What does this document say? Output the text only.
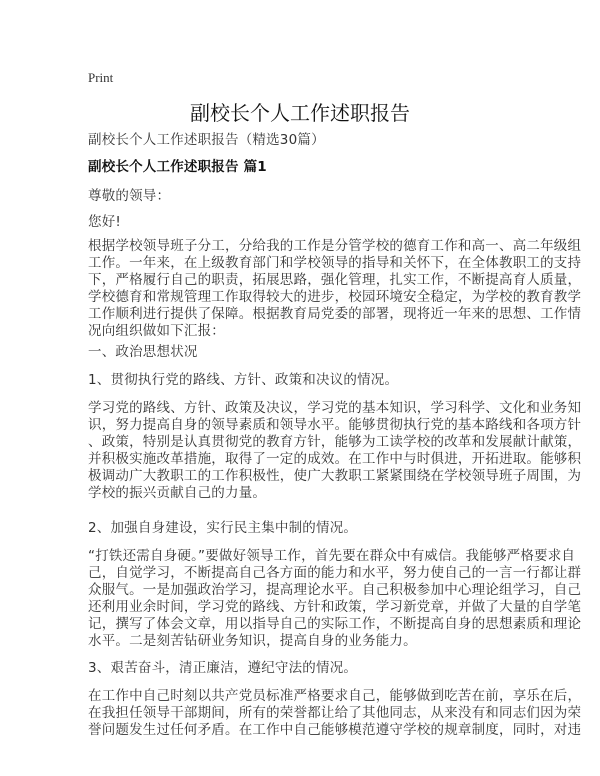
Print
副校长个人工作述职报告
副校长个人工作述职报告（精选30篇）
副校长个人工作述职报告 篇1
尊敬的领导：
您好!
根据学校领导班子分工，分给我的工作是分管学校的德育工作和高一、高二年级组
工作。一年来，在上级教育部门和学校领导的指导和关怀下，在全体教职工的支持
下，严格履行自己的职责，拓展思路，强化管理，扎实工作，不断提高育人质量，
学校德育和常规管理工作取得较大的进步，校园环境安全稳定，为学校的教育教学
工作顺利进行提供了保障。根据教育局党委的部署，现将近一年来的思想、工作情
况向组织做如下汇报：
一、政治思想状况
1、贯彻执行党的路线、方针、政策和决议的情况。
学习党的路线、方针、政策及决议，学习党的基本知识，学习科学、文化和业务知
识，努力提高自身的领导素质和领导水平。能够贯彻执行党的基本路线和各项方针
、政策，特别是认真贯彻党的教育方针，能够为工读学校的改革和发展献计献策，
并积极实施改革措施，取得了一定的成效。在工作中与时俱进，开拓进取。能够积
极调动广大教职工的工作积极性，使广大教职工紧紧围绕在学校领导班子周围，为
学校的振兴贡献自己的力量。
2、加强自身建设，实行民主集中制的情况。
“打铁还需自身硬。”要做好领导工作，首先要在群众中有威信。我能够严格要求自
己，自觉学习，不断提高自己各方面的能力和水平，努力使自己的一言一行都让群
众服气。一是加强政治学习，提高理论水平。自己积极参加中心理论组学习，自己
还利用业余时间，学习党的路线、方针和政策，学习新党章，并做了大量的自学笔
记，撰写了体会文章，用以指导自己的实际工作，不断提高自身的思想素质和理论
水平。二是刻苦钻研业务知识，提高自身的业务能力。
3、艰苦奋斗，清正廉洁，遵纪守法的情况。
在工作中自己时刻以共产党员标准严格要求自己，能够做到吃苦在前，享乐在后，
在我担任领导干部期间，所有的荣誉都让给了其他同志，从来没有和同志们因为荣
誉问题发生过任何矛盾。在工作中自己能够模范遵守学校的规章制度，同时，对违
